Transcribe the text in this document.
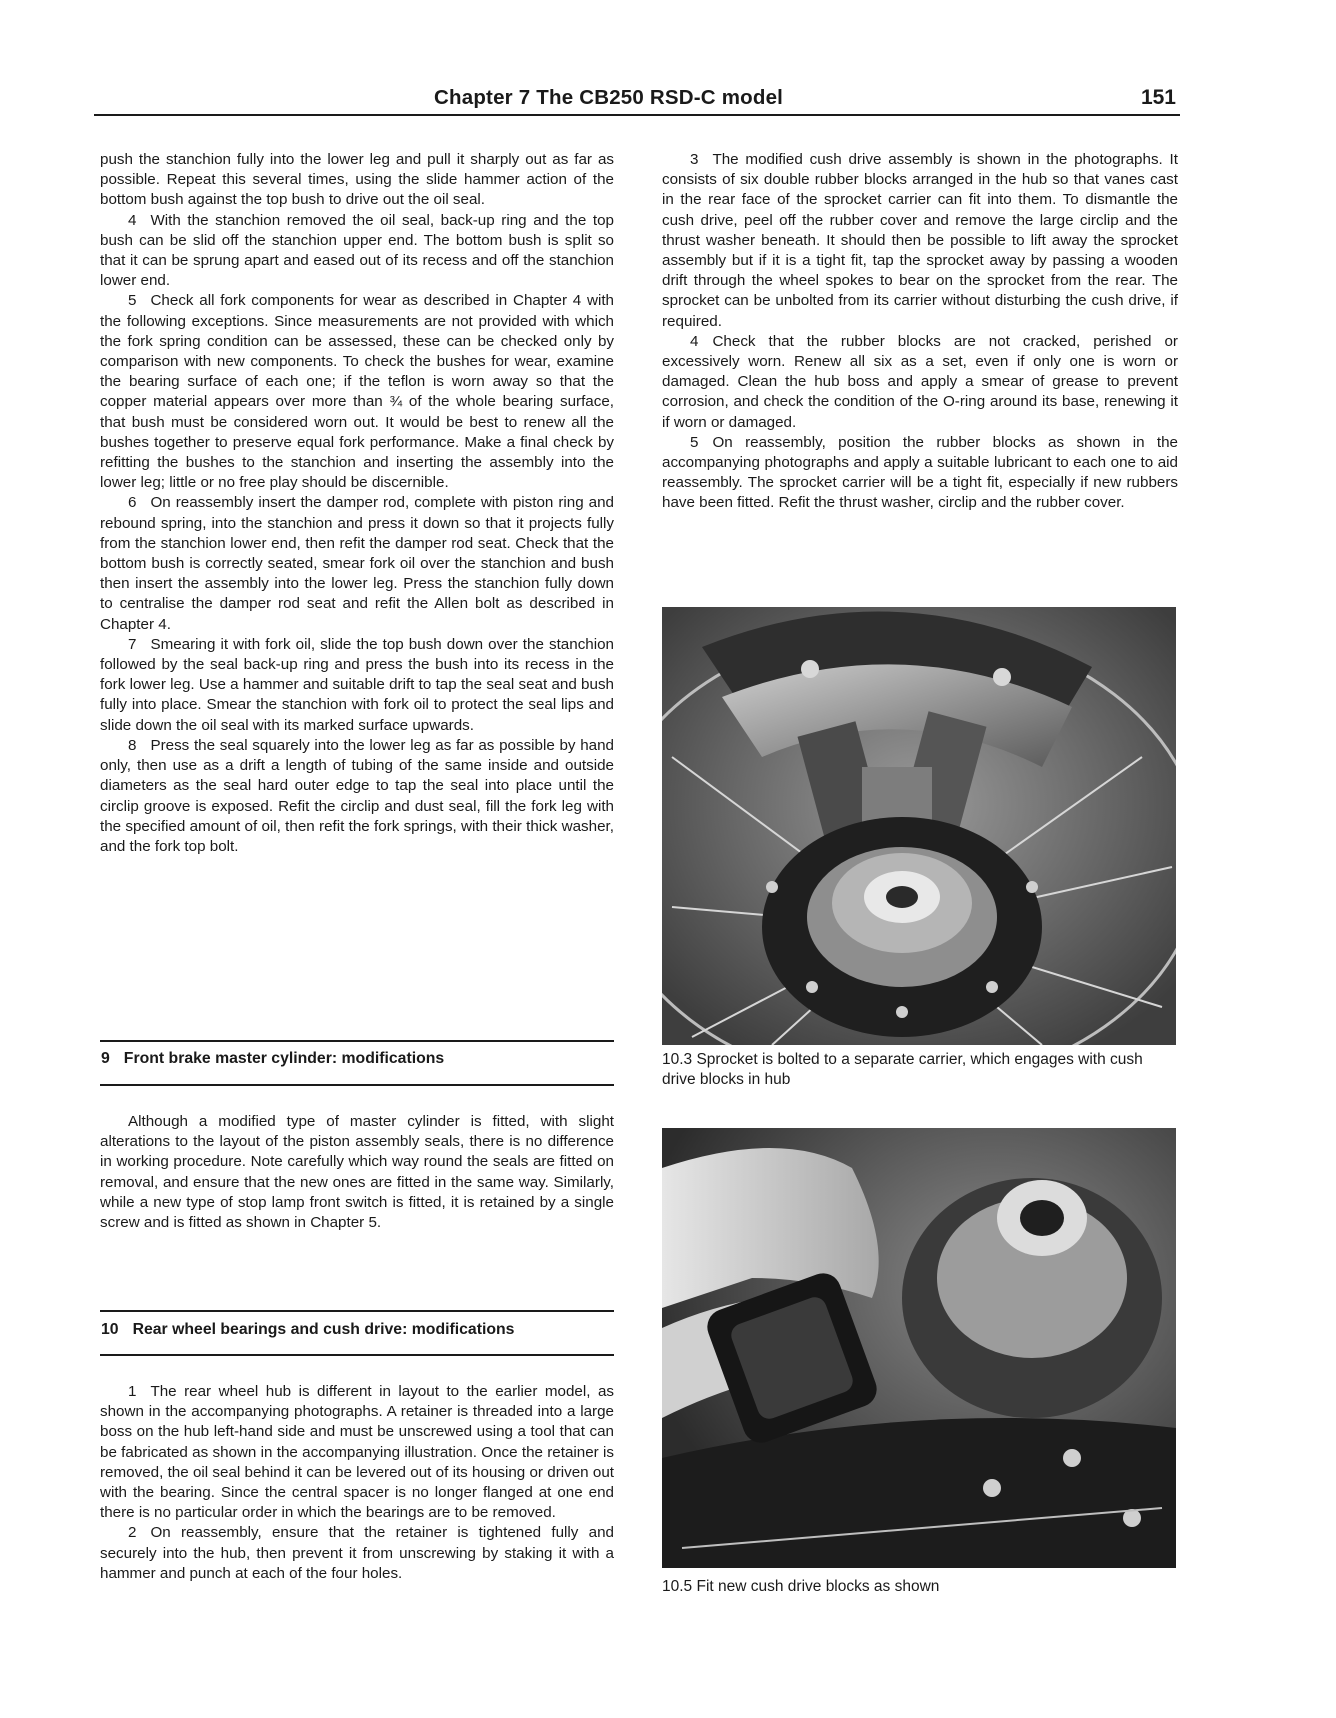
Chapter 7 The CB250 RSD-C model	151

push the stanchion fully into the lower leg and pull it sharply out as far as possible. Repeat this several times, using the slide hammer action of the bottom bush against the top bush to drive out the oil seal.

4 With the stanchion removed the oil seal, back-up ring and the top bush can be slid off the stanchion upper end. The bottom bush is split so that it can be sprung apart and eased out of its recess and off the stanchion lower end.

5 Check all fork components for wear as described in Chapter 4 with the following exceptions. Since measurements are not provided with which the fork spring condition can be assessed, these can be checked only by comparison with new components. To check the bushes for wear, examine the bearing surface of each one; if the teflon is worn away so that the copper material appears over more than ¾ of the whole bearing surface, that bush must be considered worn out. It would be best to renew all the bushes together to preserve equal fork performance. Make a final check by refitting the bushes to the stanchion and inserting the assembly into the lower leg; little or no free play should be discernible.

6 On reassembly insert the damper rod, complete with piston ring and rebound spring, into the stanchion and press it down so that it projects fully from the stanchion lower end, then refit the damper rod seat. Check that the bottom bush is correctly seated, smear fork oil over the stanchion and bush then insert the assembly into the lower leg. Press the stanchion fully down to centralise the damper rod seat and refit the Allen bolt as described in Chapter 4.

7 Smearing it with fork oil, slide the top bush down over the stanchion followed by the seal back-up ring and press the bush into its recess in the fork lower leg. Use a hammer and suitable drift to tap the seal seat and bush fully into place. Smear the stanchion with fork oil to protect the seal lips and slide down the oil seal with its marked surface upwards.

8 Press the seal squarely into the lower leg as far as possible by hand only, then use as a drift a length of tubing of the same inside and outside diameters as the seal hard outer edge to tap the seal into place until the circlip groove is exposed. Refit the circlip and dust seal, fill the fork leg with the specified amount of oil, then refit the fork springs, with their thick washer, and the fork top bolt.

9 Front brake master cylinder: modifications

Although a modified type of master cylinder is fitted, with slight alterations to the layout of the piston assembly seals, there is no difference in working procedure. Note carefully which way round the seals are fitted on removal, and ensure that the new ones are fitted in the same way. Similarly, while a new type of stop lamp front switch is fitted, it is retained by a single screw and is fitted as shown in Chapter 5.

10 Rear wheel bearings and cush drive: modifications

1 The rear wheel hub is different in layout to the earlier model, as shown in the accompanying photographs. A retainer is threaded into a large boss on the hub left-hand side and must be unscrewed using a tool that can be fabricated as shown in the accompanying illustration. Once the retainer is removed, the oil seal behind it can be levered out of its housing or driven out with the bearing. Since the central spacer is no longer flanged at one end there is no particular order in which the bearings are to be removed.

2 On reassembly, ensure that the retainer is tightened fully and securely into the hub, then prevent it from unscrewing by staking it with a hammer and punch at each of the four holes.

3 The modified cush drive assembly is shown in the photographs. It consists of six double rubber blocks arranged in the hub so that vanes cast in the rear face of the sprocket carrier can fit into them. To dismantle the cush drive, peel off the rubber cover and remove the large circlip and the thrust washer beneath. It should then be possible to lift away the sprocket assembly but if it is a tight fit, tap the sprocket away by passing a wooden drift through the wheel spokes to bear on the sprocket from the rear. The sprocket can be unbolted from its carrier without disturbing the cush drive, if required.

4 Check that the rubber blocks are not cracked, perished or excessively worn. Renew all six as a set, even if only one is worn or damaged. Clean the hub boss and apply a smear of grease to prevent corrosion, and check the condition of the O-ring around its base, renewing it if worn or damaged.

5 On reassembly, position the rubber blocks as shown in the accompanying photographs and apply a suitable lubricant to each one to aid reassembly. The sprocket carrier will be a tight fit, especially if new rubbers have been fitted. Refit the thrust washer, circlip and the rubber cover.

10.3 Sprocket is bolted to a separate carrier, which engages with cush drive blocks in hub
10.5 Fit new cush drive blocks as shown
